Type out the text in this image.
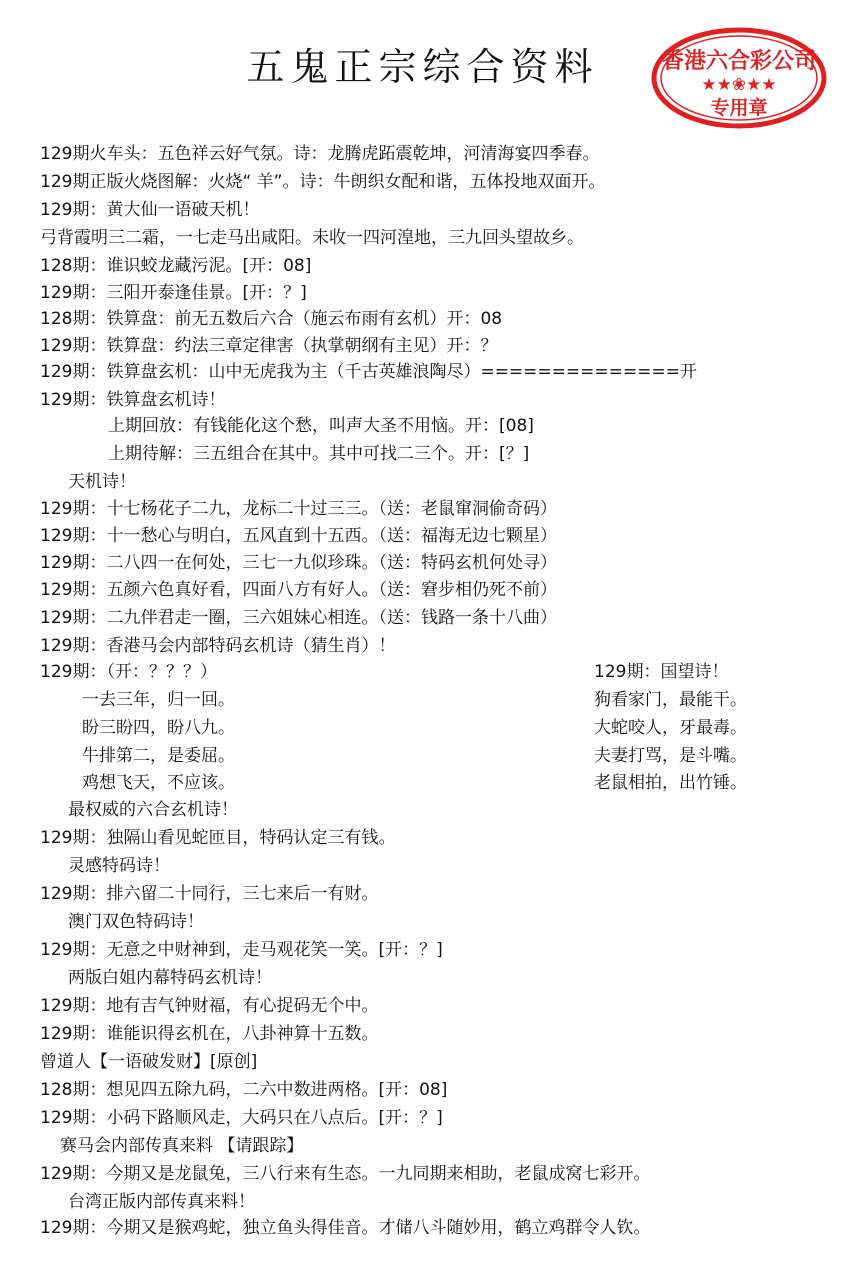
五鬼正宗综合资料	香港六合彩公司
★★❀★★
专用章
129期火车头：五色祥云好气氛。诗：龙腾虎跖震乾坤，河清海宴四季春。
129期正版火烧图解：火烧“ 羊”。诗：牛朗织女配和谐，五体投地双面开。
129期：黄大仙一语破天机！
弓背霞明三二霜，一七走马出咸阳。未收一四河湟地，三九回头望故乡。
128期：谁识蛟龙藏污泥。[开：08]
129期：三阳开泰逢佳景。[开：？]
128期：铁算盘：前无五数后六合（施云布雨有玄机）开：08
129期：铁算盘：约法三章定律害（执掌朝纲有主见）开：？
129期：铁算盘玄机：山中无虎我为主（千古英雄浪陶尽）==============开
129期：铁算盘玄机诗！
上期回放：有钱能化这个愁，叫声大圣不用恼。开：[08]
上期待解：三五组合在其中。其中可找二三个。开：[？]
天机诗！
129期：十七杨花子二九，龙标二十过三三。（送：老鼠窜洞偷奇码）
129期：十一愁心与明白，五风直到十五西。（送：福海无边七颗星）
129期：二八四一在何处，三七一九似珍珠。（送：特码玄机何处寻）
129期：五颜六色真好看，四面八方有好人。（送：窘步相仍死不前）
129期：二九伴君走一圈，三六姐妹心相连。（送：钱路一条十八曲）
129期：香港马会内部特码玄机诗（猜生肖）！
129期：（开：？？？）
一去三年，归一回。
盼三盼四，盼八九。
牛排第二，是委屈。
鸡想飞天，不应该。
最权威的六合玄机诗！
129期：独隔山看见蛇匝目，特码认定三有钱。
灵感特码诗！
129期：排六留二十同行，三七来后一有财。
澳门双色特码诗！
129期：无意之中财神到，走马观花笑一笑。[开：？]
两版白姐内幕特码玄机诗！
129期：地有吉气钟财福，有心捉码无个中。
129期：谁能识得玄机在，八卦神算十五数。
曾道人【一语破发财】[原创]
128期：想见四五除九码，二六中数进两格。[开：08]
129期：小码下路顺风走，大码只在八点后。[开：？]
赛马会内部传真来料 【请跟踪】
129期：今期又是龙鼠兔，三八行来有生态。一九同期来相助，老鼠成窝七彩开。
台湾正版内部传真来料！
129期：今期又是猴鸡蛇，独立鱼头得佳音。才储八斗随妙用，鹤立鸡群令人钦。
129期：国望诗！
狗看家门，最能干。
大蛇咬人，牙最毒。
夫妻打骂，是斗嘴。
老鼠相拍，出竹锤。
